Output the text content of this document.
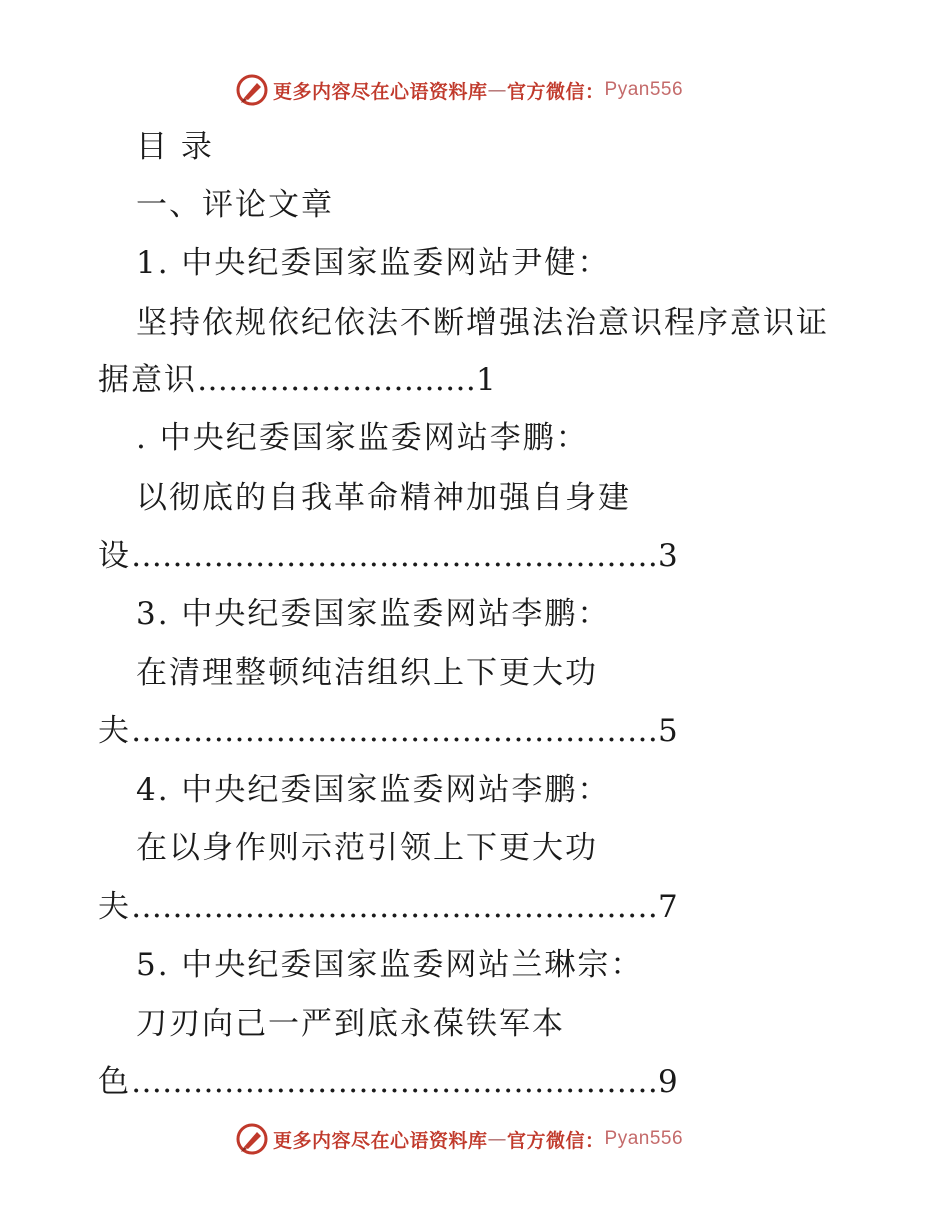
更多内容尽在心语资料库 — 官方微信： Pyan556
目 录
一、评论文章
1. 中央纪委国家监委网站尹健：
坚持依规依纪依法不断增强法治意识程序意识证
据意识………………………1
. 中央纪委国家监委网站李鹏：
以彻底的自我革命精神加强自身建
设……………………………………………3
3. 中央纪委国家监委网站李鹏：
在清理整顿纯洁组织上下更大功
夫……………………………………………5
4. 中央纪委国家监委网站李鹏：
在以身作则示范引领上下更大功
夫……………………………………………7
5. 中央纪委国家监委网站兰琳宗：
刀刃向己一严到底永葆铁军本
色……………………………………………9
更多内容尽在心语资料库 — 官方微信： Pyan556
